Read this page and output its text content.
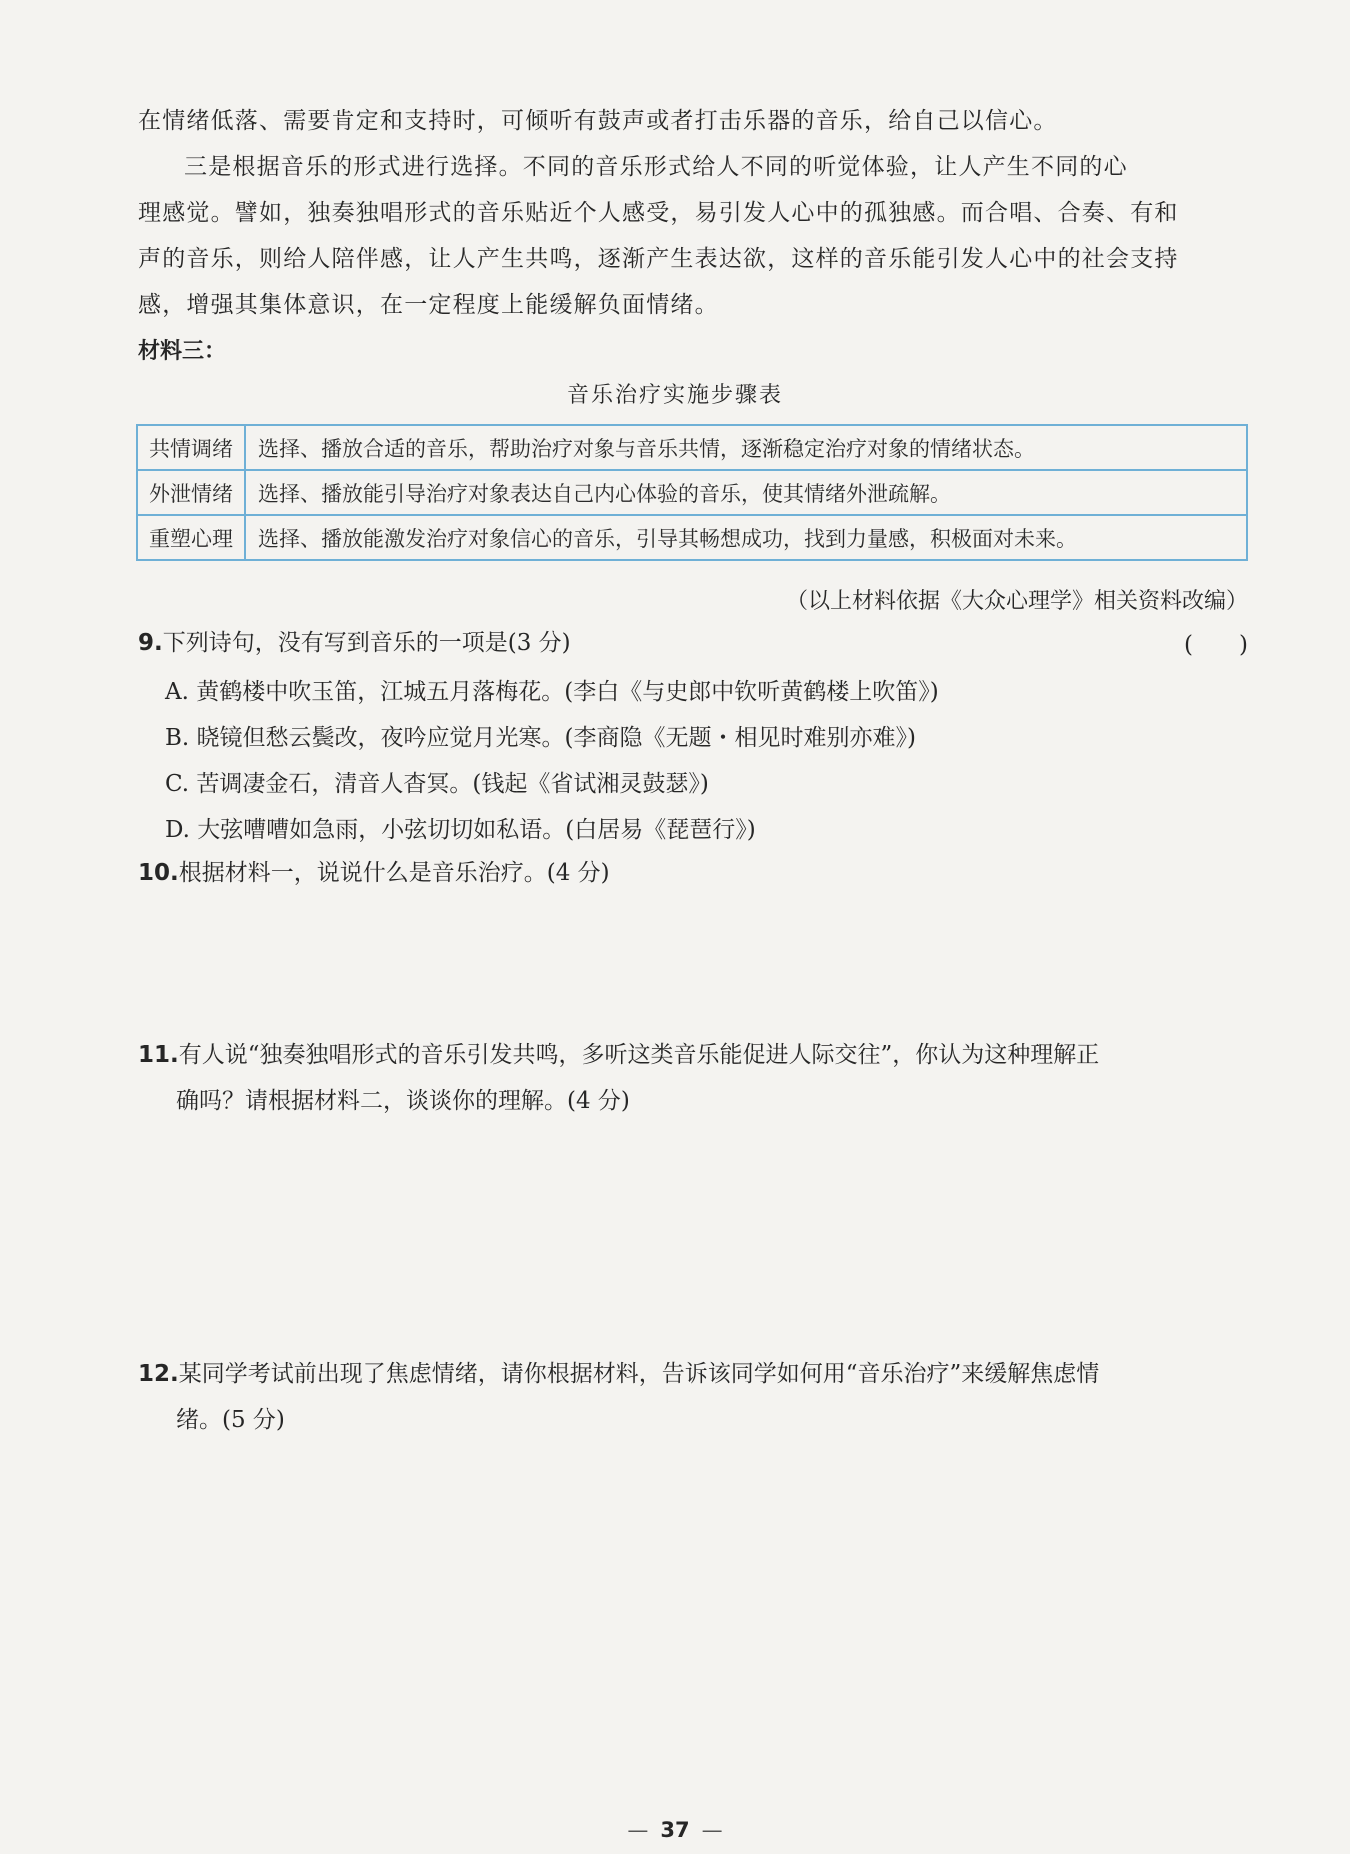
在情绪低落、需要肯定和支持时，可倾听有鼓声或者打击乐器的音乐，给自己以信心。
三是根据音乐的形式进行选择。不同的音乐形式给人不同的听觉体验，让人产生不同的心
理感觉。譬如，独奏独唱形式的音乐贴近个人感受，易引发人心中的孤独感。而合唱、合奏、有和
声的音乐，则给人陪伴感，让人产生共鸣，逐渐产生表达欲，这样的音乐能引发人心中的社会支持
感，增强其集体意识，在一定程度上能缓解负面情绪。
材料三：
音乐治疗实施步骤表
共情调绪	选择、播放合适的音乐，帮助治疗对象与音乐共情，逐渐稳定治疗对象的情绪状态。
外泄情绪	选择、播放能引导治疗对象表达自己内心体验的音乐，使其情绪外泄疏解。
重塑心理	选择、播放能激发治疗对象信心的音乐，引导其畅想成功，找到力量感，积极面对未来。
（以上材料依据《大众心理学》相关资料改编）
9.下列诗句，没有写到音乐的一项是(3 分)	(　　)
A. 黄鹤楼中吹玉笛，江城五月落梅花。(李白《与史郎中钦听黄鹤楼上吹笛》)
B. 晓镜但愁云鬓改，夜吟应觉月光寒。(李商隐《无题・相见时难别亦难》)
C. 苦调凄金石，清音人杳冥。(钱起《省试湘灵鼓瑟》)
D. 大弦嘈嘈如急雨，小弦切切如私语。(白居易《琵琶行》)
10.根据材料一，说说什么是音乐治疗。(4 分)
11.有人说“独奏独唱形式的音乐引发共鸣，多听这类音乐能促进人际交往”，你认为这种理解正
确吗？请根据材料二，谈谈你的理解。(4 分)
12.某同学考试前出现了焦虑情绪，请你根据材料，告诉该同学如何用“音乐治疗”来缓解焦虑情
绪。(5 分)
— 37 —
